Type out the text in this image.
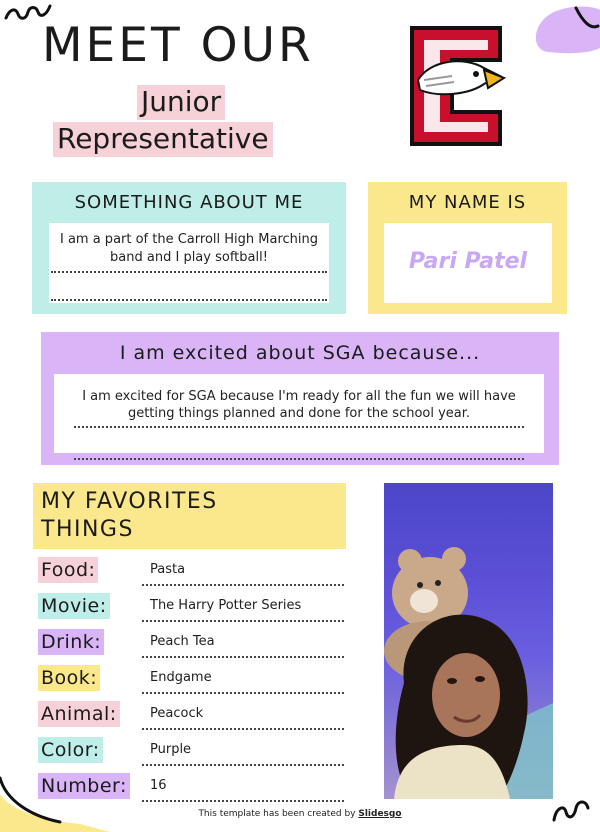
MEET OUR
Junior
Representative
SOMETHING ABOUT ME
I am a part of the Carroll High Marching band and I play softball!
MY NAME IS
Pari Patel
I am excited about SGA because...
I am excited for SGA because I'm ready for all the fun we will have getting things planned and done for the school year.
MY FAVORITES THINGS
Food:	Pasta
Movie:	The Harry Potter Series
Drink:	Peach Tea
Book:	Endgame
Animal:	Peacock
Color:	Purple
Number: 16
This template has been created by Slidesgo
